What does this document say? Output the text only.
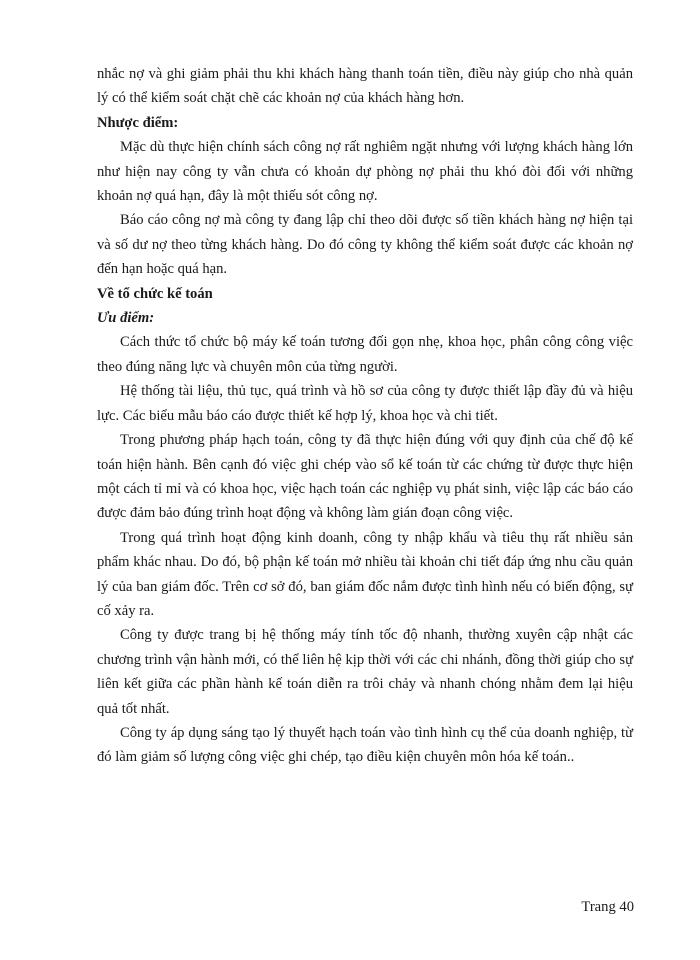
nhắc nợ và ghi giảm phải thu khi khách hàng thanh toán tiền, điều này giúp cho nhà quản lý có thể kiểm soát chặt chẽ các khoản nợ của khách hàng hơn.

Nhược điểm:

Mặc dù thực hiện chính sách công nợ rất nghiêm ngặt nhưng với lượng khách hàng lớn như hiện nay công ty vẫn chưa có khoản dự phòng nợ phải thu khó đòi đối với những khoản nợ quá hạn, đây là một thiếu sót công nợ.

Báo cáo công nợ mà công ty đang lập chỉ theo dõi được số tiền khách hàng nợ hiện tại và số dư nợ theo từng khách hàng. Do đó công ty không thể kiểm soát được các khoản nợ đến hạn hoặc quá hạn.

Về tổ chức kế toán

Ưu điểm:

Cách thức tổ chức bộ máy kế toán tương đối gọn nhẹ, khoa học, phân công công việc theo đúng năng lực và chuyên môn của từng người.

Hệ thống tài liệu, thủ tục, quá trình và hồ sơ của công ty được thiết lập đầy đủ và hiệu lực. Các biểu mẫu báo cáo được thiết kế hợp lý, khoa học và chi tiết.

Trong phương pháp hạch toán, công ty đã thực hiện đúng với quy định của chế độ kế toán hiện hành. Bên cạnh đó việc ghi chép vào sổ kế toán từ các chứng từ được thực hiện một cách tỉ mỉ và có khoa học, việc hạch toán các nghiệp vụ phát sinh, việc lập các báo cáo được đảm bảo đúng trình hoạt động và không làm gián đoạn công việc.

Trong quá trình hoạt động kinh doanh, công ty nhập khẩu và tiêu thụ rất nhiều sản phẩm khác nhau. Do đó, bộ phận kế toán mở nhiều tài khoản chi tiết đáp ứng nhu cầu quản lý của ban giám đốc. Trên cơ sở đó, ban giám đốc nắm được tình hình nếu có biến động, sự cố xảy ra.

Công ty được trang bị hệ thống máy tính tốc độ nhanh, thường xuyên cập nhật các chương trình vận hành mới, có thể liên hệ kịp thời với các chi nhánh, đồng thời giúp cho sự liên kết giữa các phần hành kế toán diễn ra trôi chảy và nhanh chóng nhằm đem lại hiệu quả tốt nhất.

Công ty áp dụng sáng tạo lý thuyết hạch toán vào tình hình cụ thể của doanh nghiệp, từ đó làm giảm số lượng công việc ghi chép, tạo điều kiện chuyên môn hóa kế toán..

Trang 40
